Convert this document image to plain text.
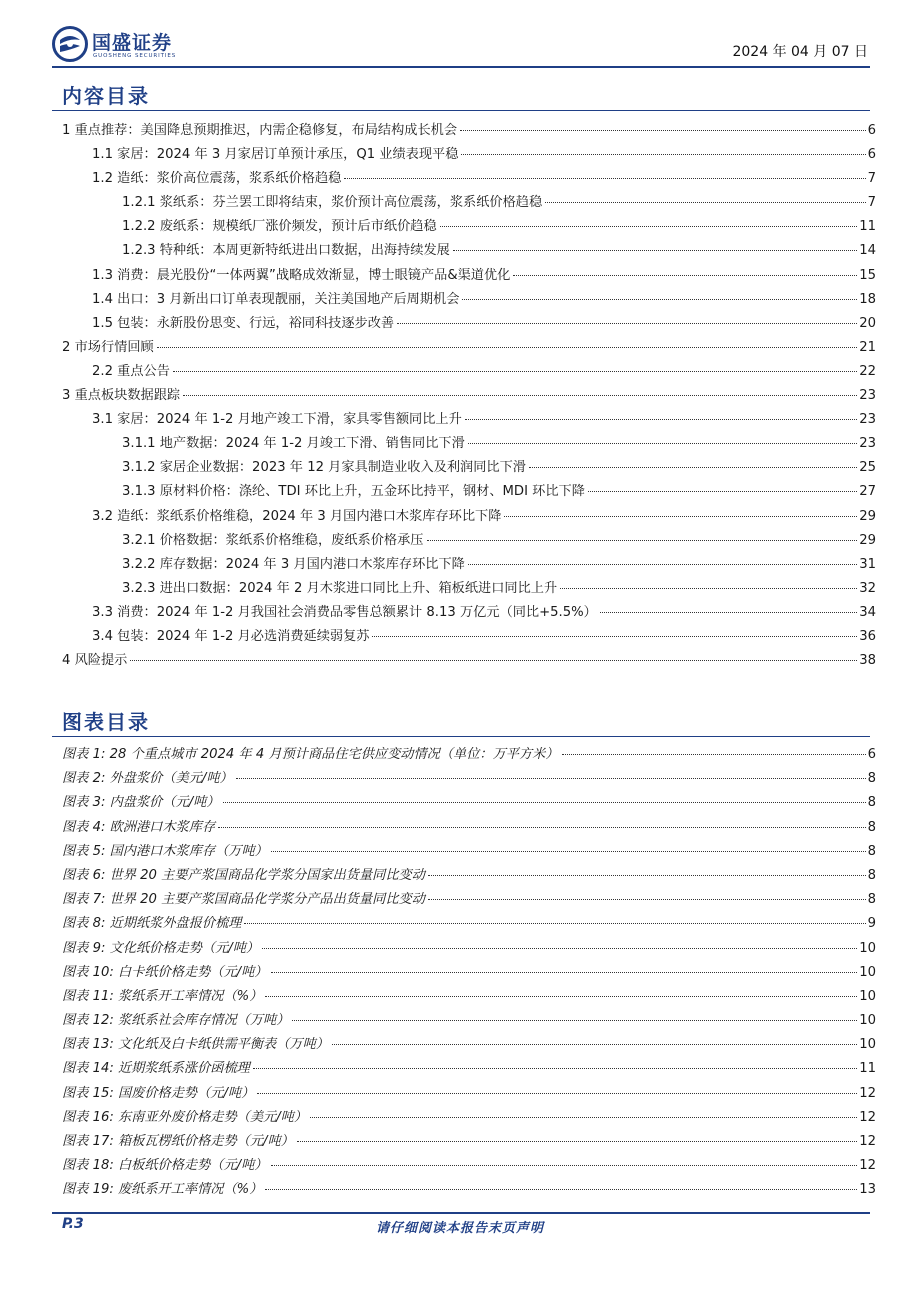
国盛证券
GUOSHENG SECURITIES	2024 年 04 月 07 日
内容目录
1 重点推荐：美国降息预期推迟，内需企稳修复，布局结构成长机会	6
1.1 家居：2024 年 3 月家居订单预计承压，Q1 业绩表现平稳	6
1.2 造纸：浆价高位震荡，浆系纸价格趋稳	7
1.2.1 浆纸系：芬兰罢工即将结束，浆价预计高位震荡，浆系纸价格趋稳	7
1.2.2 废纸系：规模纸厂涨价频发，预计后市纸价趋稳	11
1.2.3 特种纸：本周更新特纸进出口数据，出海持续发展	14
1.3 消费：晨光股份“一体两翼”战略成效渐显，博士眼镜产品&渠道优化	15
1.4 出口：3 月新出口订单表现靓丽，关注美国地产后周期机会	18
1.5 包装：永新股份思变、行远，裕同科技逐步改善	20
2 市场行情回顾	21
2.2 重点公告	22
3 重点板块数据跟踪	23
3.1 家居：2024 年 1-2 月地产竣工下滑，家具零售额同比上升	23
3.1.1 地产数据：2024 年 1-2 月竣工下滑、销售同比下滑	23
3.1.2 家居企业数据：2023 年 12 月家具制造业收入及利润同比下滑	25
3.1.3 原材料价格：涤纶、TDI 环比上升，五金环比持平，钢材、MDI 环比下降	27
3.2 造纸：浆纸系价格维稳，2024 年 3 月国内港口木浆库存环比下降	29
3.2.1 价格数据：浆纸系价格维稳，废纸系价格承压	29
3.2.2 库存数据：2024 年 3 月国内港口木浆库存环比下降	31
3.2.3 进出口数据：2024 年 2 月木浆进口同比上升、箱板纸进口同比上升	32
3.3 消费：2024 年 1-2 月我国社会消费品零售总额累计 8.13 万亿元（同比+5.5%）	34
3.4 包装：2024 年 1-2 月必选消费延续弱复苏	36
4 风险提示	38
图表目录
图表 1: 28 个重点城市 2024 年 4 月预计商品住宅供应变动情况（单位：万平方米）	6
图表 2: 外盘浆价（美元/吨）	8
图表 3: 内盘浆价（元/吨）	8
图表 4: 欧洲港口木浆库存	8
图表 5: 国内港口木浆库存（万吨）	8
图表 6: 世界 20 主要产浆国商品化学浆分国家出货量同比变动	8
图表 7: 世界 20 主要产浆国商品化学浆分产品出货量同比变动	8
图表 8: 近期纸浆外盘报价梳理	9
图表 9: 文化纸价格走势（元/吨）	10
图表 10: 白卡纸价格走势（元/吨）	10
图表 11: 浆纸系开工率情况（%）	10
图表 12: 浆纸系社会库存情况（万吨）	10
图表 13: 文化纸及白卡纸供需平衡表（万吨）	10
图表 14: 近期浆纸系涨价函梳理	11
图表 15: 国废价格走势（元/吨）	12
图表 16: 东南亚外废价格走势（美元/吨）	12
图表 17: 箱板瓦楞纸价格走势（元/吨）	12
图表 18: 白板纸价格走势（元/吨）	12
图表 19: 废纸系开工率情况（%）	13
P.3	请仔细阅读本报告末页声明
